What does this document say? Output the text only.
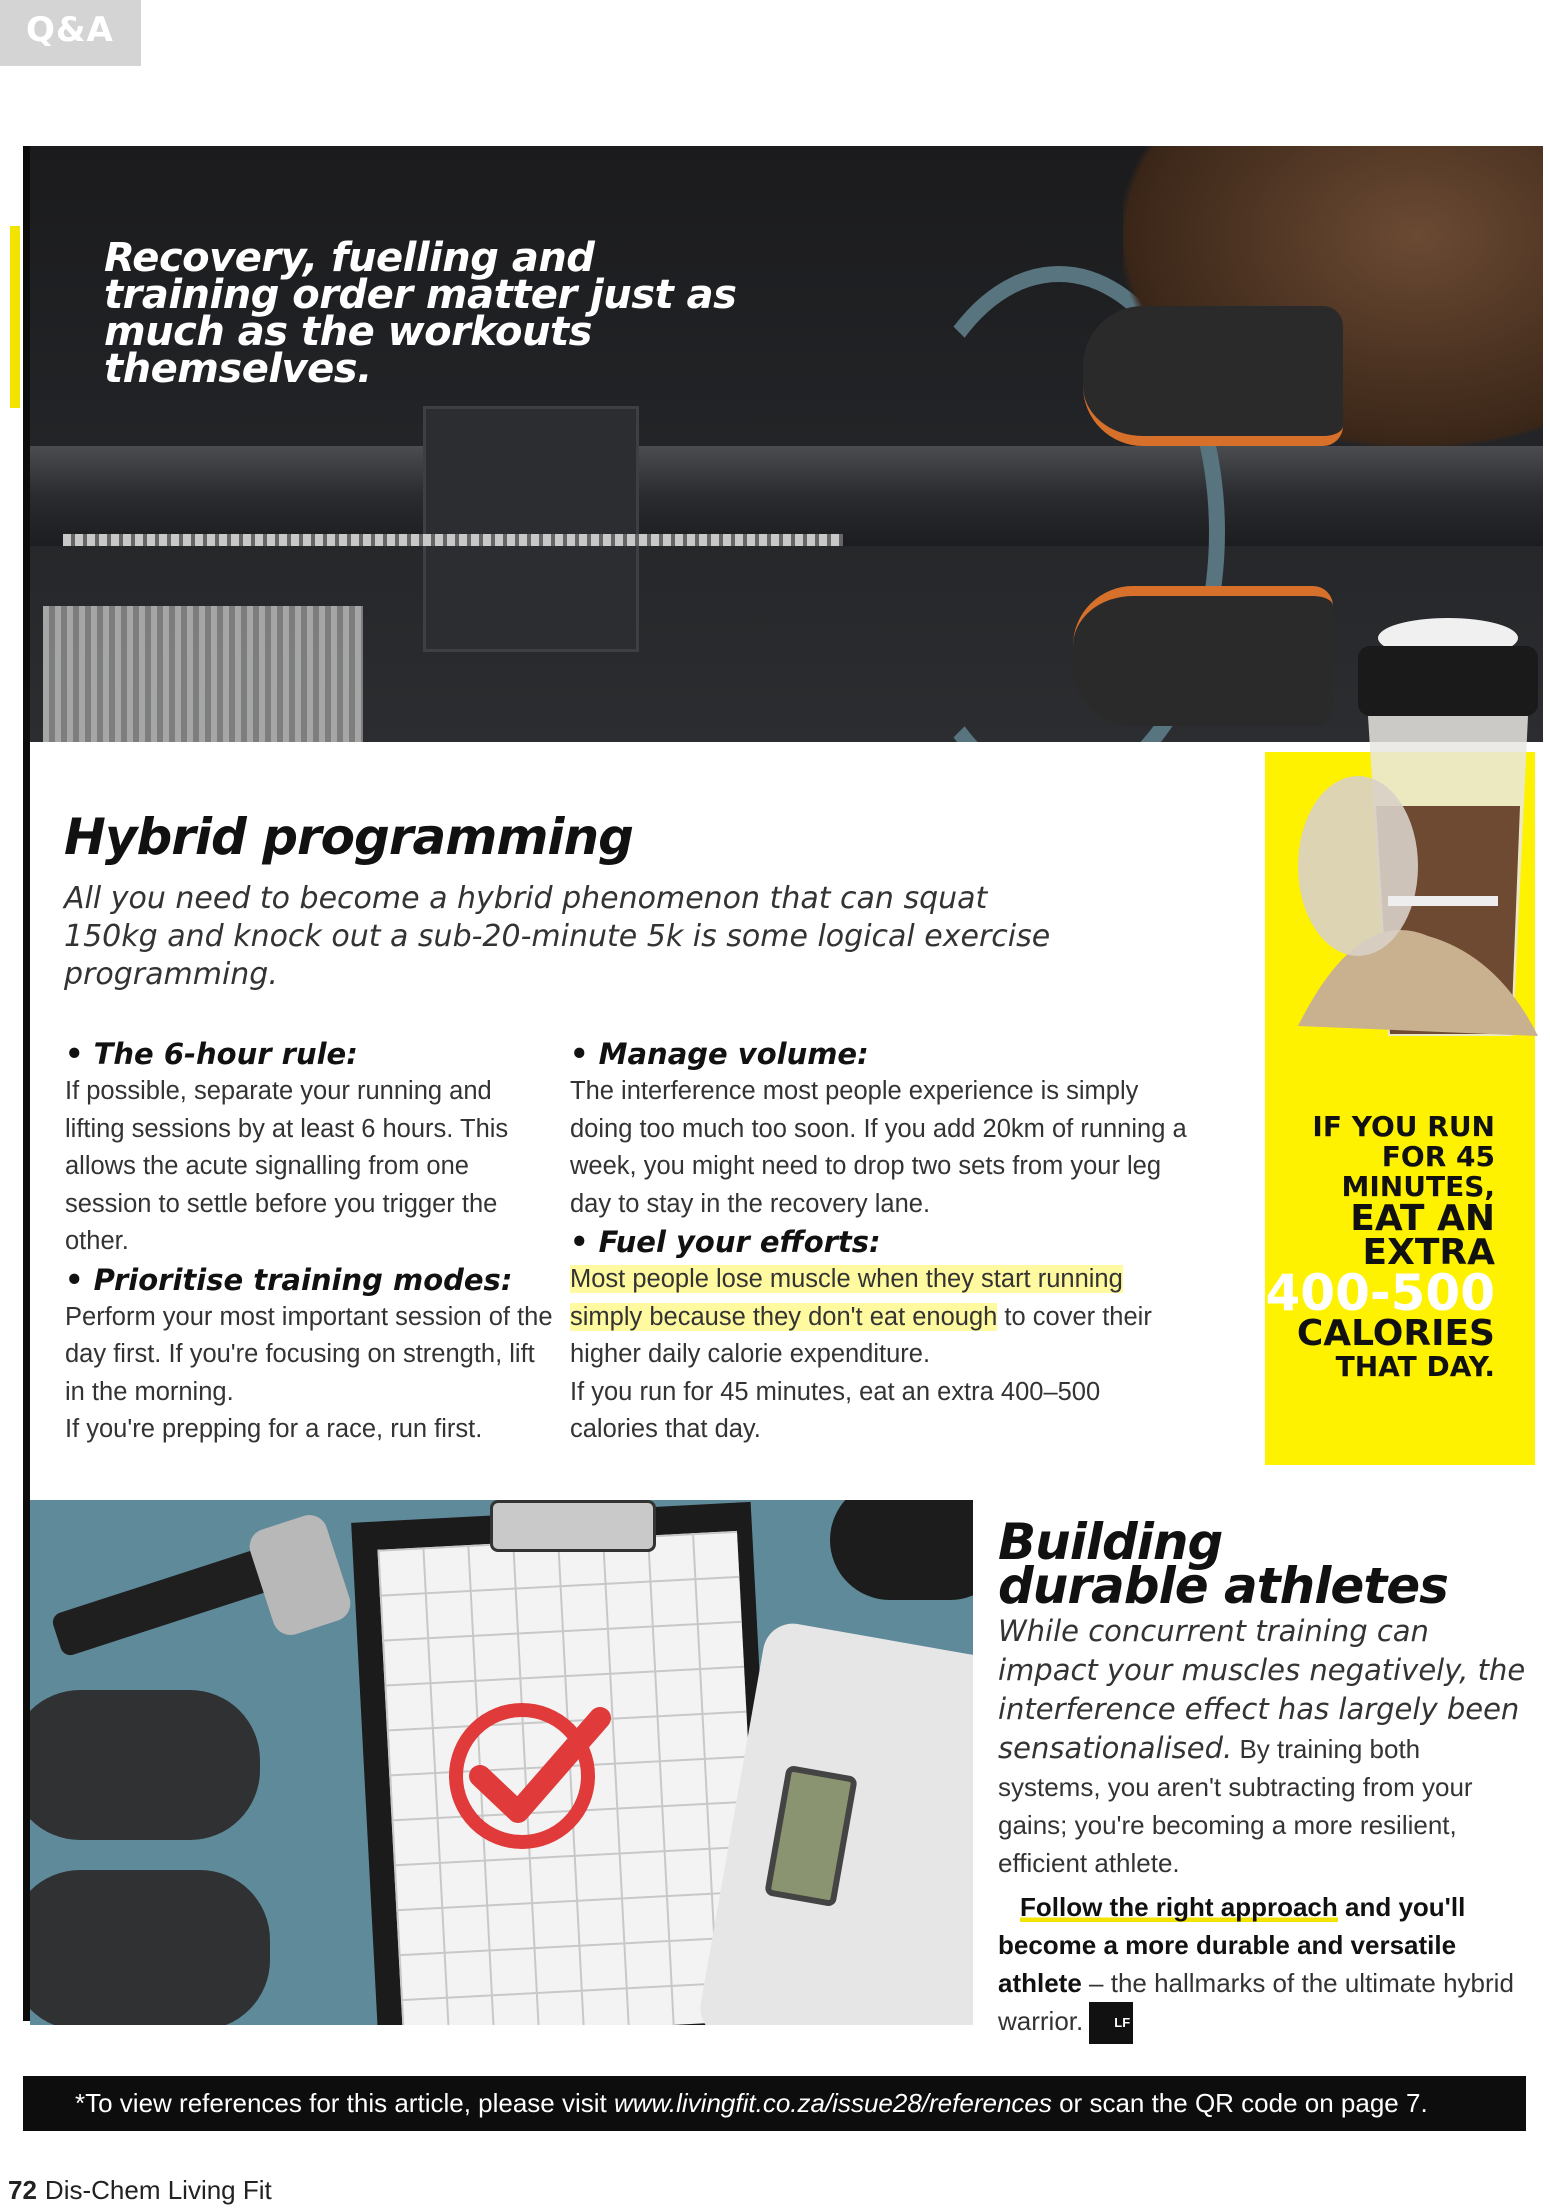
Q&A

Recovery, fuelling and training order matter just as much as the workouts themselves.

IF YOU RUN FOR 45 MINUTES,
EAT AN EXTRA
400-500
CALORIES
THAT DAY.
Hybrid programming

All you need to become a hybrid phenomenon that can squat 150kg and knock out a sub-20-minute 5k is some logical exercise programming.

• The 6-hour rule:

If possible, separate your running and lifting sessions by at least 6 hours. This allows the acute signalling from one session to settle before you trigger the other.

• Prioritise training modes:

Perform your most important session of the day first. If you're focusing on strength, lift in the morning.

If you're prepping for a race, run first.

• Manage volume:

The interference most people experience is simply doing too much too soon. If you add 20km of running a week, you might need to drop two sets from your leg day to stay in the recovery lane.

• Fuel your efforts:

Most people lose muscle when they start running simply because they don't eat enough to cover their higher daily calorie expenditure.

If you run for 45 minutes, eat an extra 400–500 calories that day.

Building
durable athletes

While concurrent training can impact your muscles negatively, the interference effect has largely been sensationalised. By training both systems, you aren't subtracting from your gains; you're becoming a more resilient, efficient athlete.

Follow the right approach and you'll become a more durable and versatile athlete – the hallmarks of the ultimate hybrid warrior. LF

*To view references for this article, please visit www.livingfit.co.za/issue28/references or scan the QR code on page 7.
72 Dis-Chem Living Fit
